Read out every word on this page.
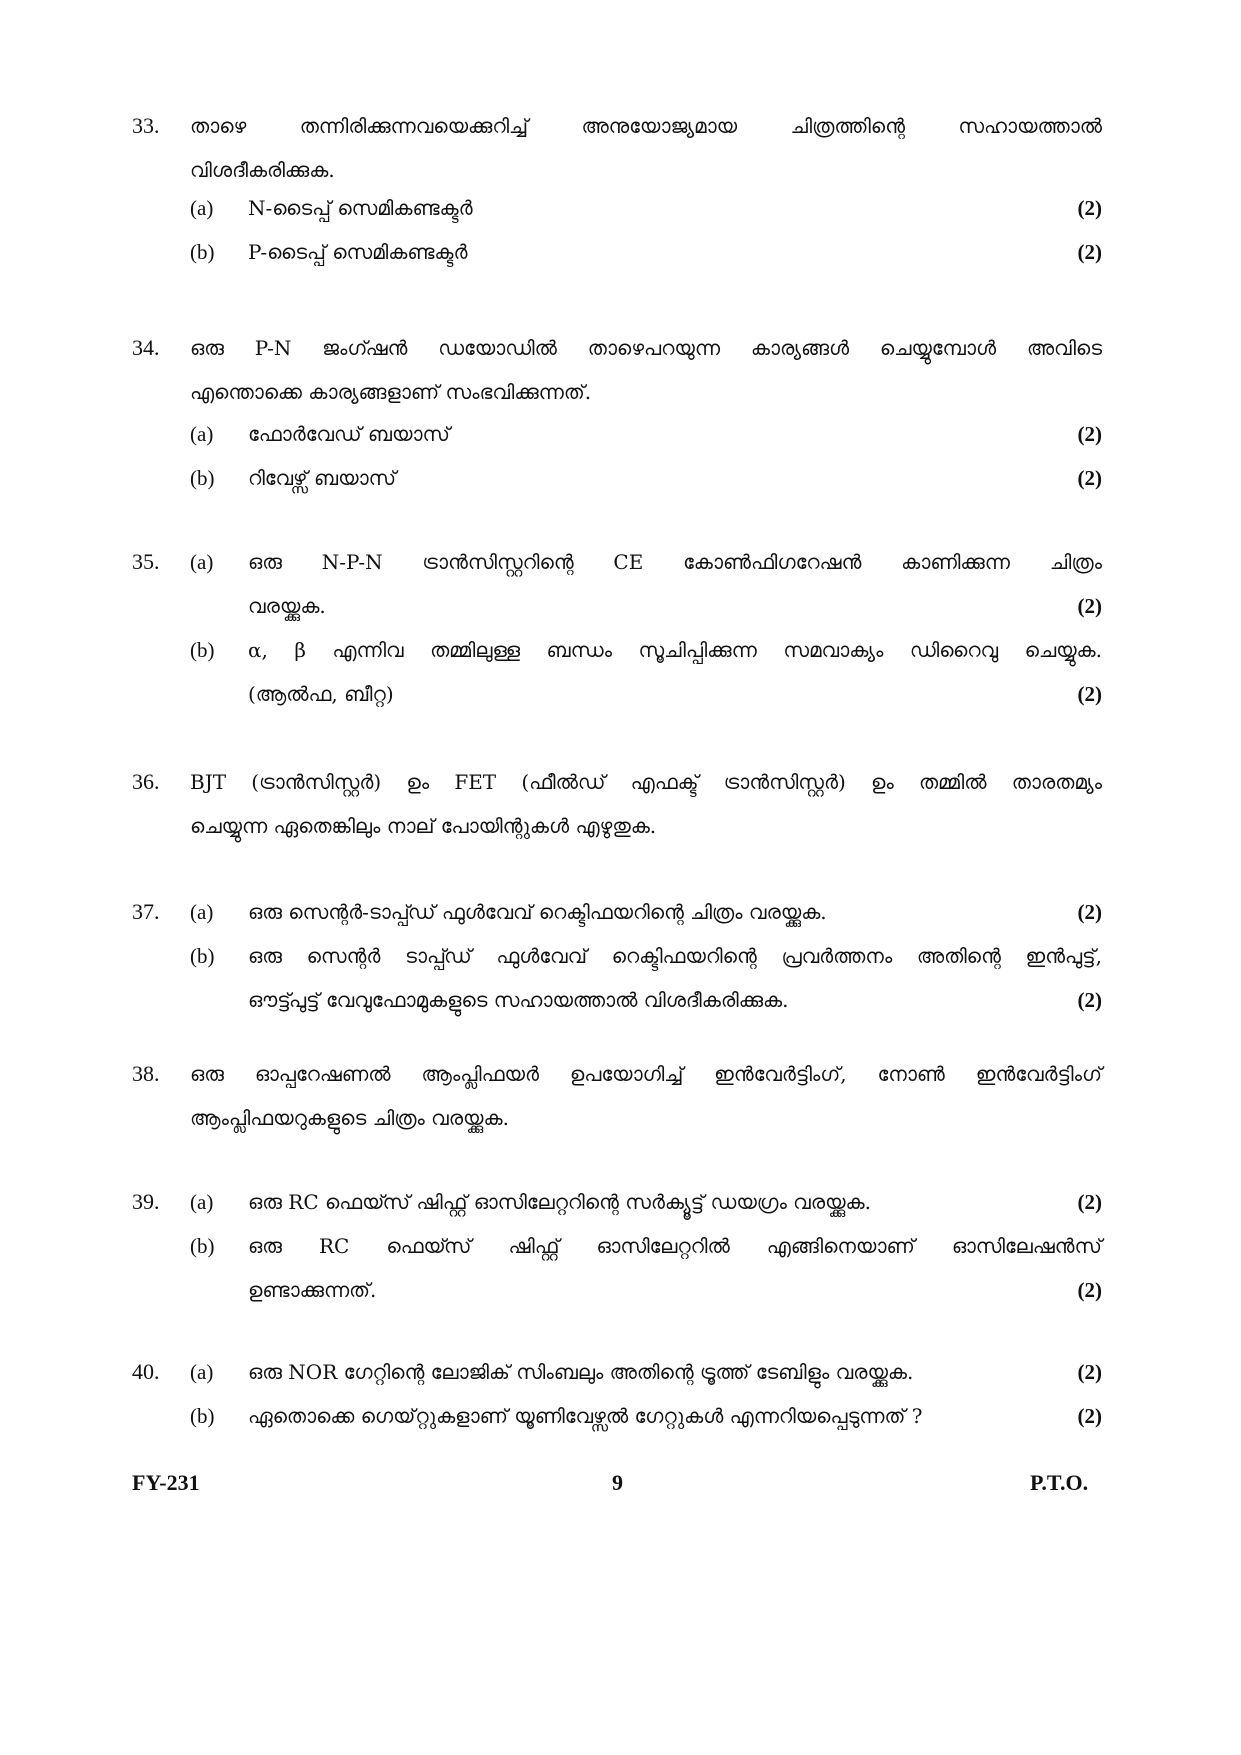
33.	താഴെ തന്നിരിക്കുന്നവയെക്കുറിച്ച് അനുയോജ്യമായ ചിത്രത്തിന്റെ സഹായത്താൽ
വിശദീകരിക്കുക.
(a)	N-ടൈപ്പ് സെമികണ്ടക്ടർ	(2)
(b)	P-ടൈപ്പ് സെമികണ്ടക്ടർ	(2)
34.	ഒരു P-N ജംഗ്ഷൻ ഡയോഡിൽ താഴെപറയുന്ന കാര്യങ്ങൾ ചെയ്യുമ്പോൾ അവിടെ
എന്തൊക്കെ കാര്യങ്ങളാണ് സംഭവിക്കുന്നത്.
(a)	ഫോർവേഡ് ബയാസ്	(2)
(b)	റിവേഴ്സ് ബയാസ്	(2)
35.	(a)	ഒരു N-P-N ട്രാൻസിസ്റ്ററിന്റെ CE കോൺഫിഗറേഷൻ കാണിക്കുന്ന ചിത്രം
വരയ്ക്കുക.	(2)
(b)	α, β എന്നിവ തമ്മിലുള്ള ബന്ധം സൂചിപ്പിക്കുന്ന സമവാക്യം ഡിറൈവു ചെയ്യുക.
(ആൽഫ, ബീറ്റ)	(2)
36.	BJT (ട്രാൻസിസ്റ്റർ) ഉം FET (ഫീൽഡ് എഫക്ട് ട്രാൻസിസ്റ്റർ) ഉം തമ്മിൽ താരതമ്യം
ചെയ്യുന്ന ഏതെങ്കിലും നാല് പോയിന്റുകൾ എഴുതുക.
37.	(a)	ഒരു സെന്റർ-ടാപ്പ്ഡ് ഫുൾവേവ് റെക്ടിഫയറിന്റെ ചിത്രം വരയ്ക്കുക.	(2)
(b)	ഒരു സെന്റർ ടാപ്പ്ഡ് ഫുൾവേവ് റെക്ടിഫയറിന്റെ പ്രവർത്തനം അതിന്റെ ഇൻപുട്ട്,
ഔട്ട്പുട്ട് വേവുഫോമുകളുടെ സഹായത്താൽ വിശദീകരിക്കുക.	(2)
38.	ഒരു ഓപ്പറേഷണൽ ആംപ്ലിഫയർ ഉപയോഗിച്ച് ഇൻവേർട്ടിംഗ്, നോൺ ഇൻവേർട്ടിംഗ്
ആംപ്ലിഫയറുകളുടെ ചിത്രം വരയ്ക്കുക.
39.	(a)	ഒരു RC ഫെയ്സ് ഷിഫ്റ്റ് ഓസിലേറ്ററിന്റെ സർക്യൂട്ട് ഡയഗ്രം വരയ്ക്കുക.	(2)
(b)	ഒരു RC ഫെയ്സ് ഷിഫ്റ്റ് ഓസിലേറ്ററിൽ എങ്ങിനെയാണ് ഓസിലേഷൻസ്
ഉണ്ടാക്കുന്നത്.	(2)
40.	(a)	ഒരു NOR ഗേറ്റിന്റെ ലോജിക് സിംബലും അതിന്റെ ട്രൂത്ത് ടേബിളും വരയ്ക്കുക.	(2)
(b)	ഏതൊക്കെ ഗെയ്റ്റുകളാണ് യൂണിവേഴ്സൽ ഗേറ്റുകൾ എന്നറിയപ്പെടുന്നത് ?	(2)
FY-231	9	P.T.O.
